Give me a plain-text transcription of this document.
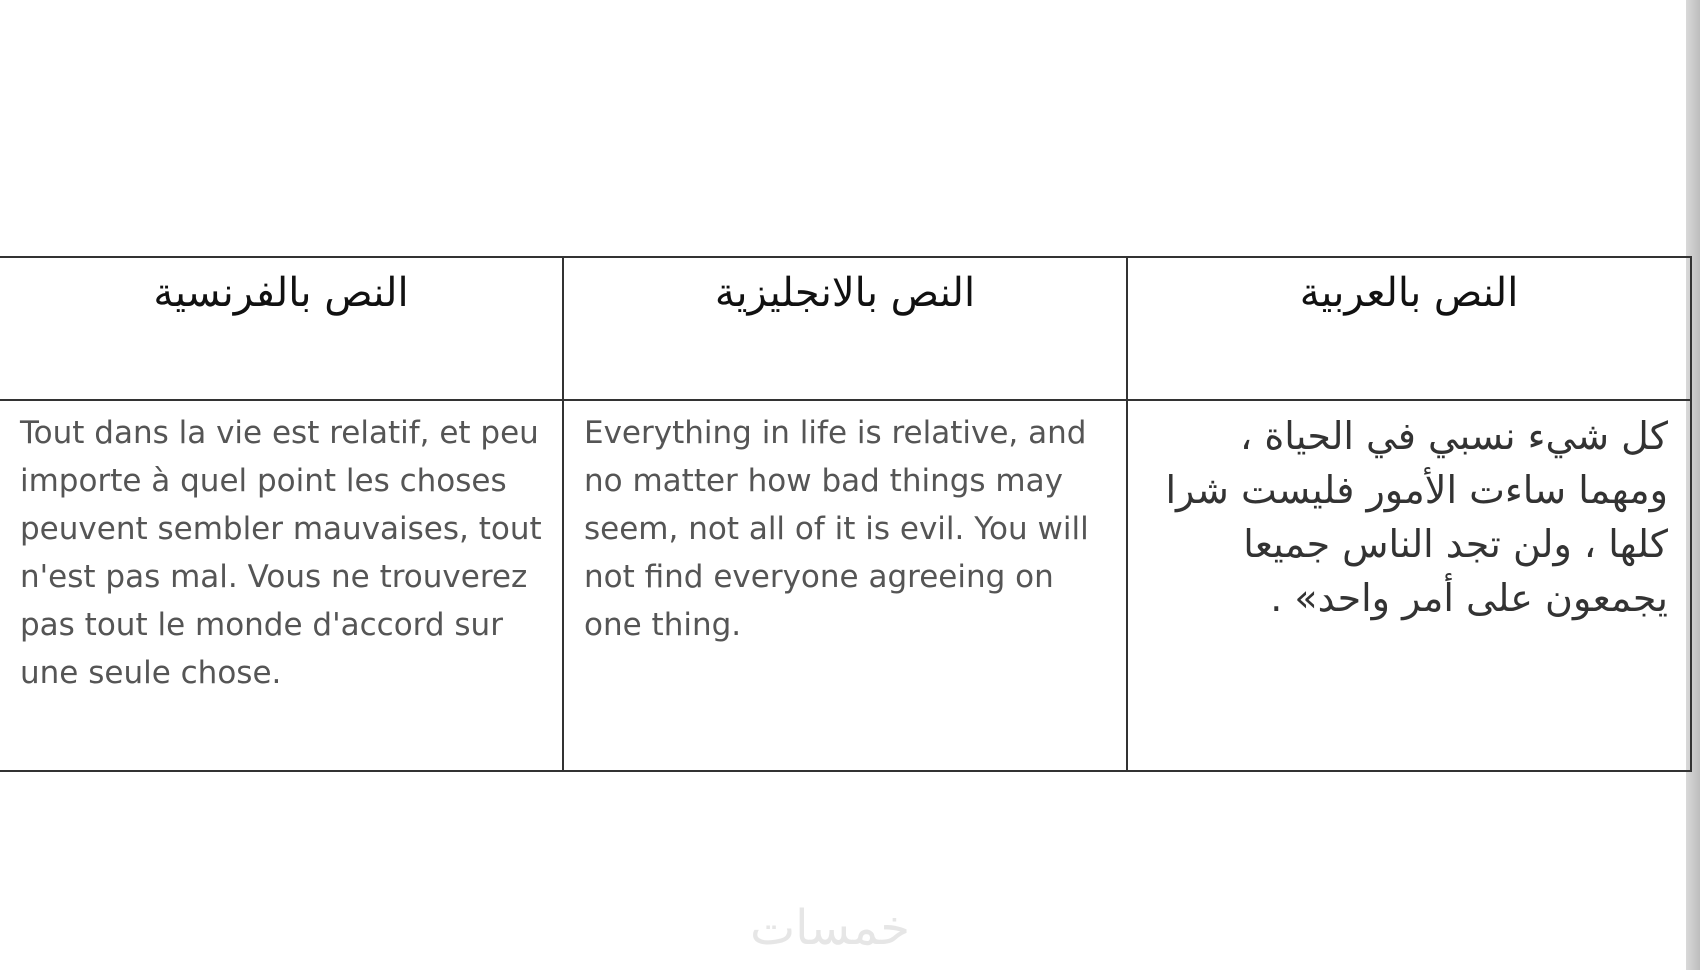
النص بالفرنسية	النص بالانجليزية	النص بالعربية

Tout dans la vie est relatif, et peu importe à quel point les choses peuvent sembler mauvaises, tout n'est pas mal. Vous ne trouverez pas tout le monde d'accord sur une seule chose.	Everything in life is relative, and no matter how bad things may seem, not all of it is evil. You will not find everyone agreeing on one thing.	كل شيء نسبي في الحياة ، ومهما ساءت الأمور فليست شرا كلها ، ولن تجد الناس جميعا يجمعون على أمر واحد» .
خمسات
